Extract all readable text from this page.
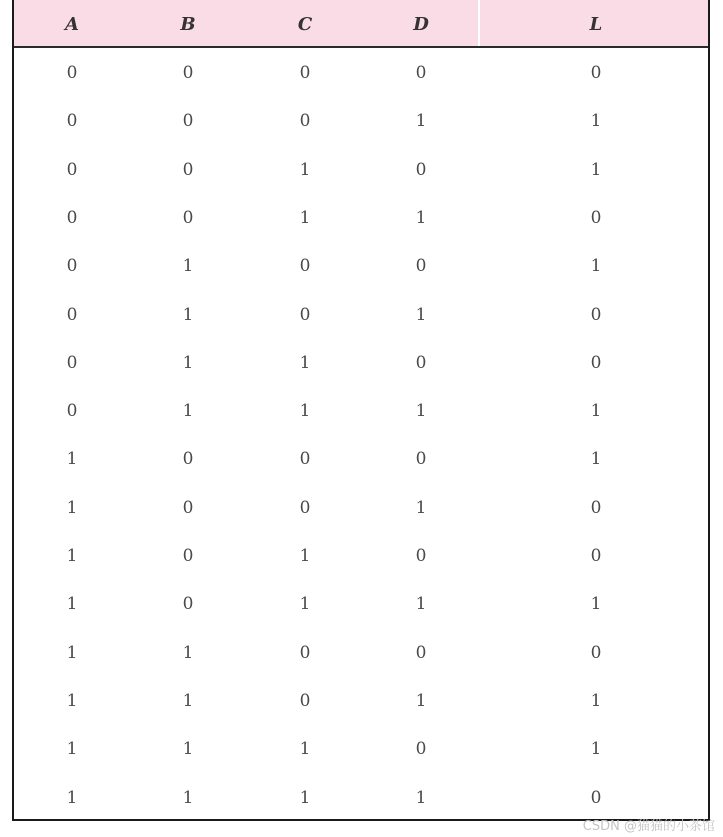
A	B	C	D	L
0	0	0	0	0
0	0	0	1	1
0	0	1	0	1
0	0	1	1	0
0	1	0	0	1
0	1	0	1	0
0	1	1	0	0
0	1	1	1	1
1	0	0	0	1
1	0	0	1	0
1	0	1	0	0
1	0	1	1	1
1	1	0	0	0
1	1	0	1	1
1	1	1	0	1
1	1	1	1	0
CSDN @猫猫的小茶馆
